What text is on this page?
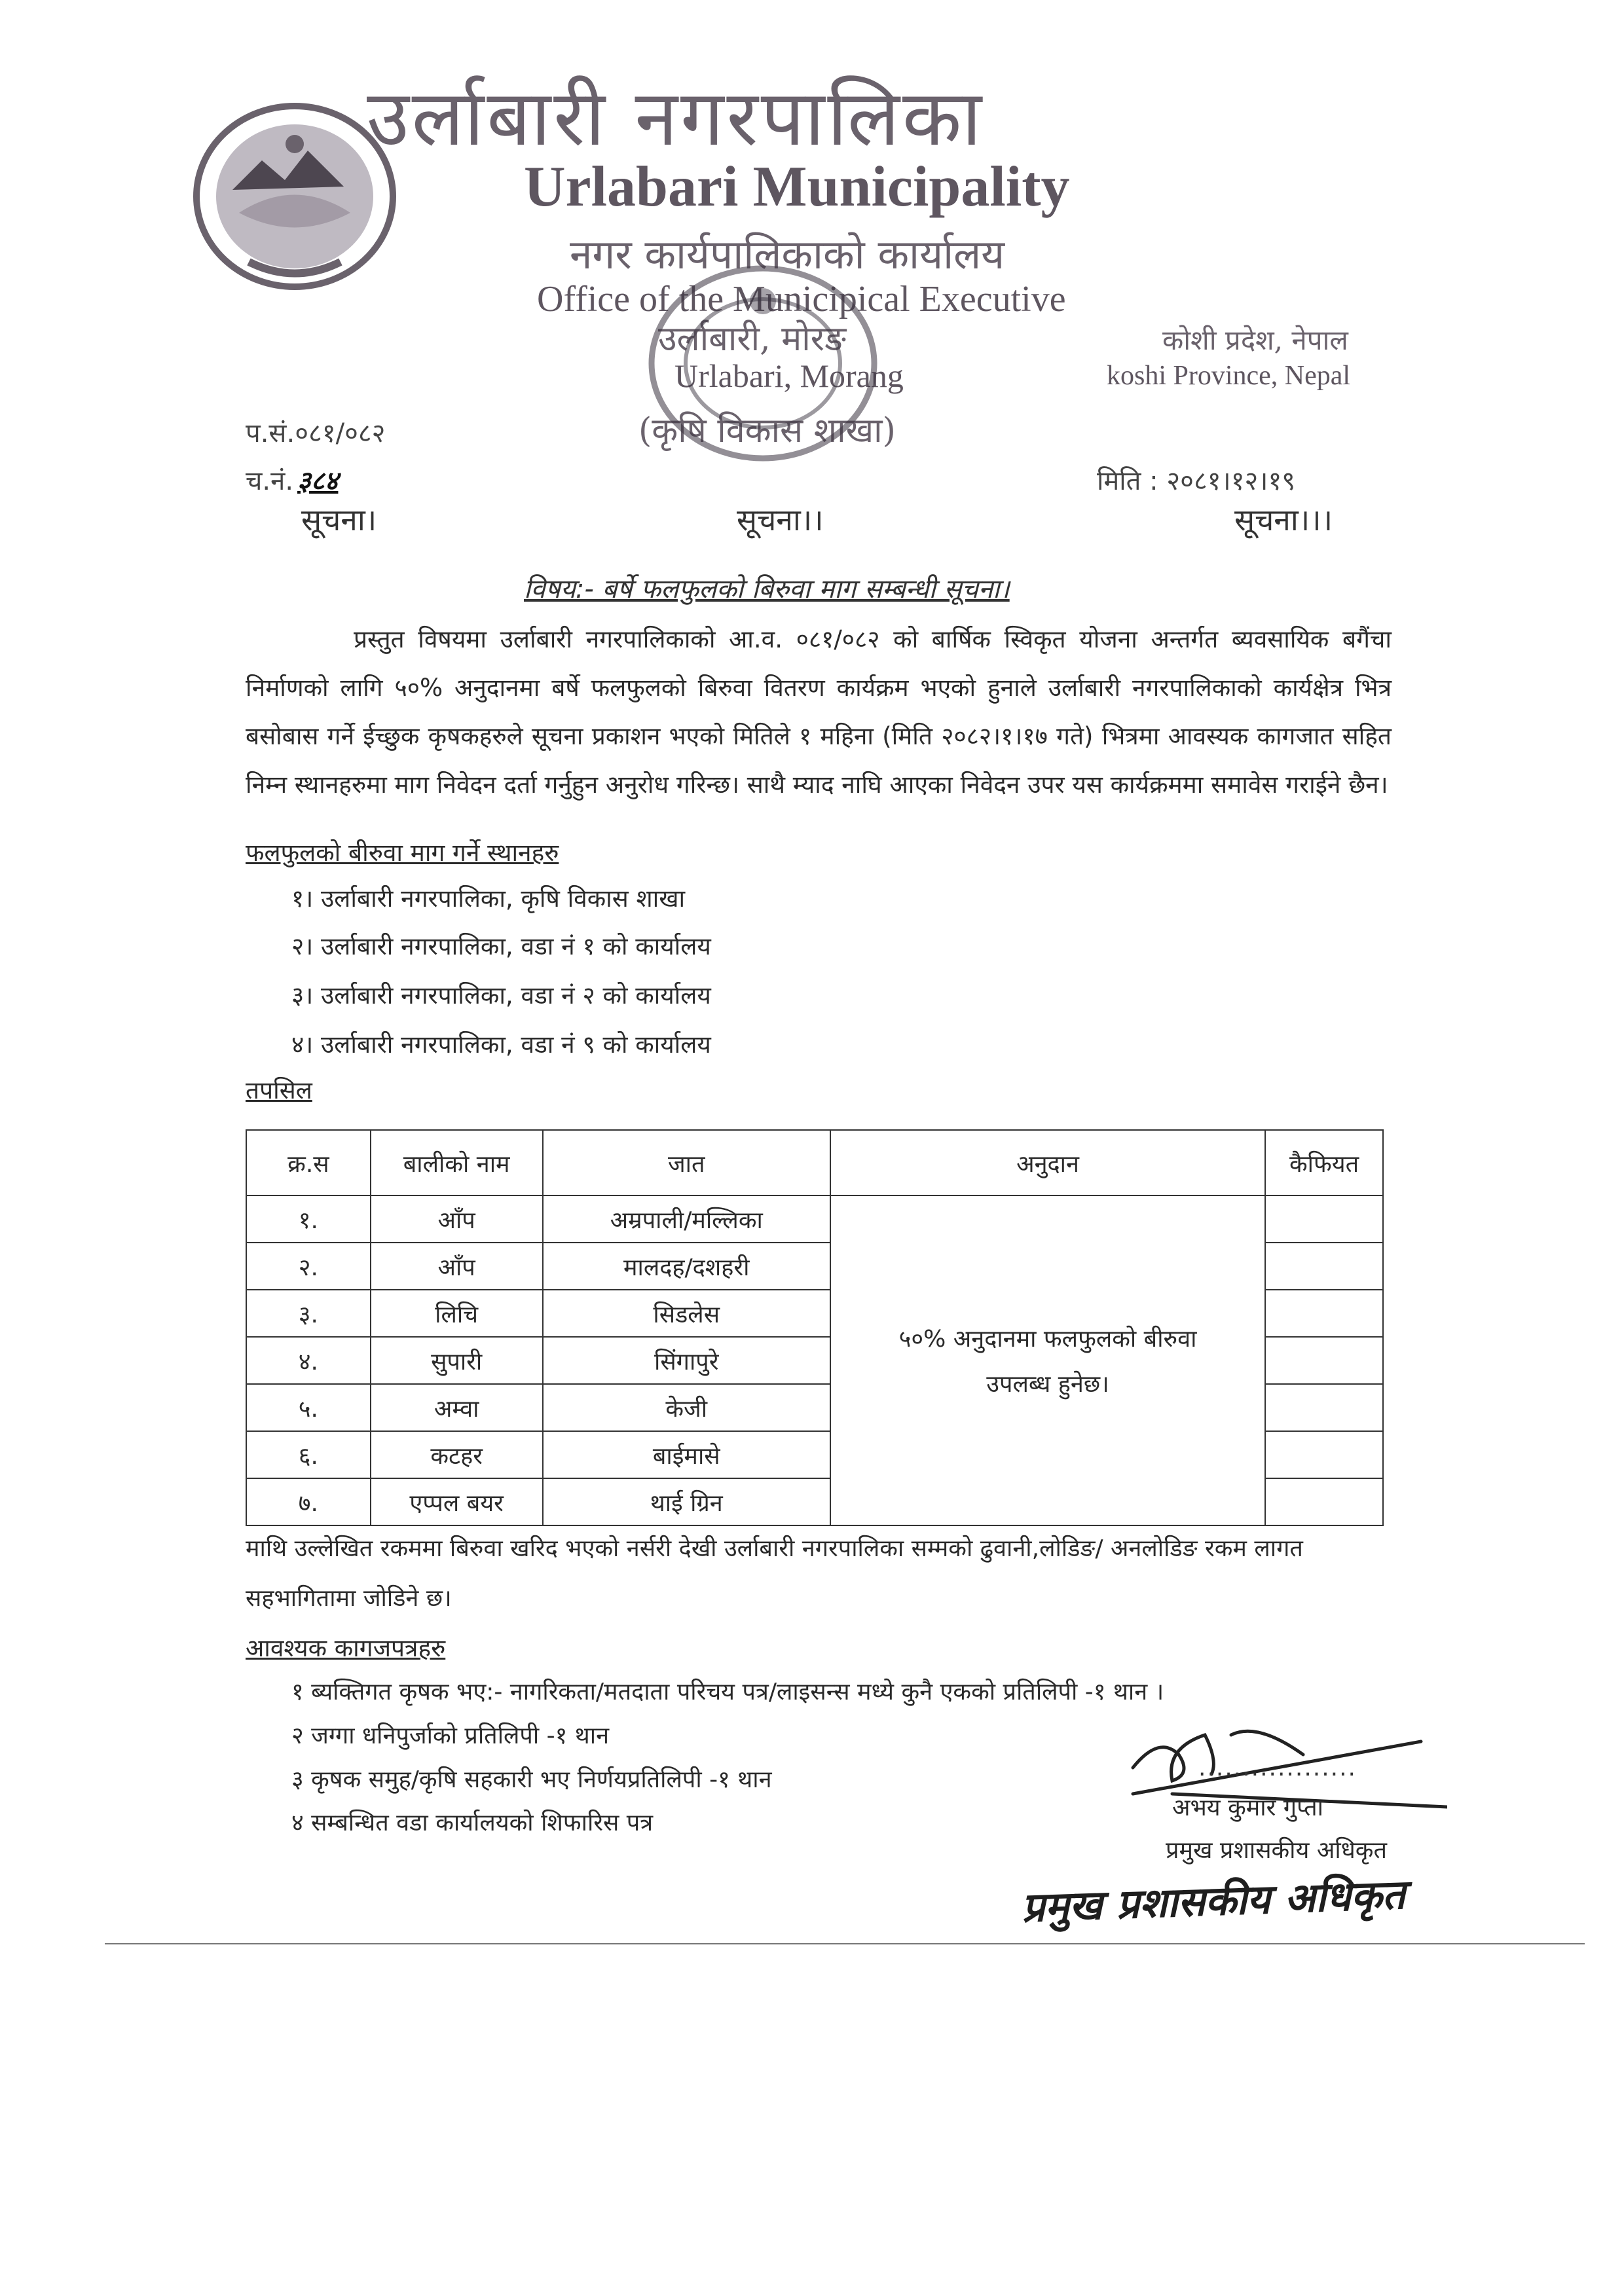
उर्लाबारी नगरपालिका
Urlabari Municipality
नगर कार्यपालिकाको कार्यालय
Office of the Municipical Executive
उर्लाबारी, मोरङ
Urlabari, Morang
(कृषि विकास शाखा)
कोशी प्रदेश, नेपाल
koshi Province, Nepal
प.सं.०८१/०८२
च.नं. ३८४	मिति : २०८१।१२।१९
सूचना।	सूचना।।	सूचना।।।
विषय:- बर्षे फलफुलको बिरुवा माग सम्बन्धी सूचना।
प्रस्तुत विषयमा उर्लाबारी नगरपालिकाको आ.व. ०८१/०८२ को बार्षिक स्विकृत योजना अन्तर्गत ब्यवसायिक बगैंचा निर्माणको लागि ५०% अनुदानमा बर्षे फलफुलको बिरुवा वितरण कार्यक्रम भएको हुनाले उर्लाबारी नगरपालिकाको कार्यक्षेत्र भित्र बसोबास गर्ने ईच्छुक कृषकहरुले सूचना प्रकाशन भएको मितिले १ महिना (मिति २०८२।१।१७ गते) भित्रमा आवस्यक कागजात सहित निम्न स्थानहरुमा माग निवेदन दर्ता गर्नुहुन अनुरोध गरिन्छ। साथै म्याद नाघि आएका निवेदन उपर यस कार्यक्रममा समावेस गराईने छैन।
फलफुलको बीरुवा माग गर्ने स्थानहरु
१। उर्लाबारी नगरपालिका, कृषि विकास शाखा
२। उर्लाबारी नगरपालिका, वडा नं १ को कार्यालय
३। उर्लाबारी नगरपालिका, वडा नं २ को कार्यालय
४। उर्लाबारी नगरपालिका, वडा नं ९ को कार्यालय
तपसिल
क्र.स	बालीको नाम	जात	अनुदान	कैफियत
१.	आँप	अम्रपाली/मल्लिका	५०% अनुदानमा फलफुलको बीरुवा
उपलब्ध हुनेछ।	

२.	आँप	मालदह/दशहरी		
३.	लिचि	सिडलेस		
४.	सुपारी	सिंगापुरे		
५.	अम्वा	केजी		
६.	कटहर	बाईमासे		
७.	एप्पल बयर	थाई ग्रिन		
माथि उल्लेखित रकममा बिरुवा खरिद भएको नर्सरी देखी उर्लाबारी नगरपालिका सम्मको ढुवानी,लोडिङ/ अनलोडिङ रकम लागत सहभागितामा जोडिने छ।
आवश्यक कागजपत्रहरु
१ ब्यक्तिगत कृषक भए:- नागरिकता/मतदाता परिचय पत्र/लाइसन्स मध्ये कुनै एकको प्रतिलिपी -१ थान ।
२ जग्गा धनिपुर्जाको प्रतिलिपी -१ थान
३ कृषक समुह/कृषि सहकारी भए निर्णयप्रतिलिपी -१ थान
४ सम्बन्धित वडा कार्यालयको शिफारिस पत्र
..................
अभय कुमार गुप्ता
प्रमुख प्रशासकीय अधिकृत
प्रमुख प्रशासकीय अधिकृत
